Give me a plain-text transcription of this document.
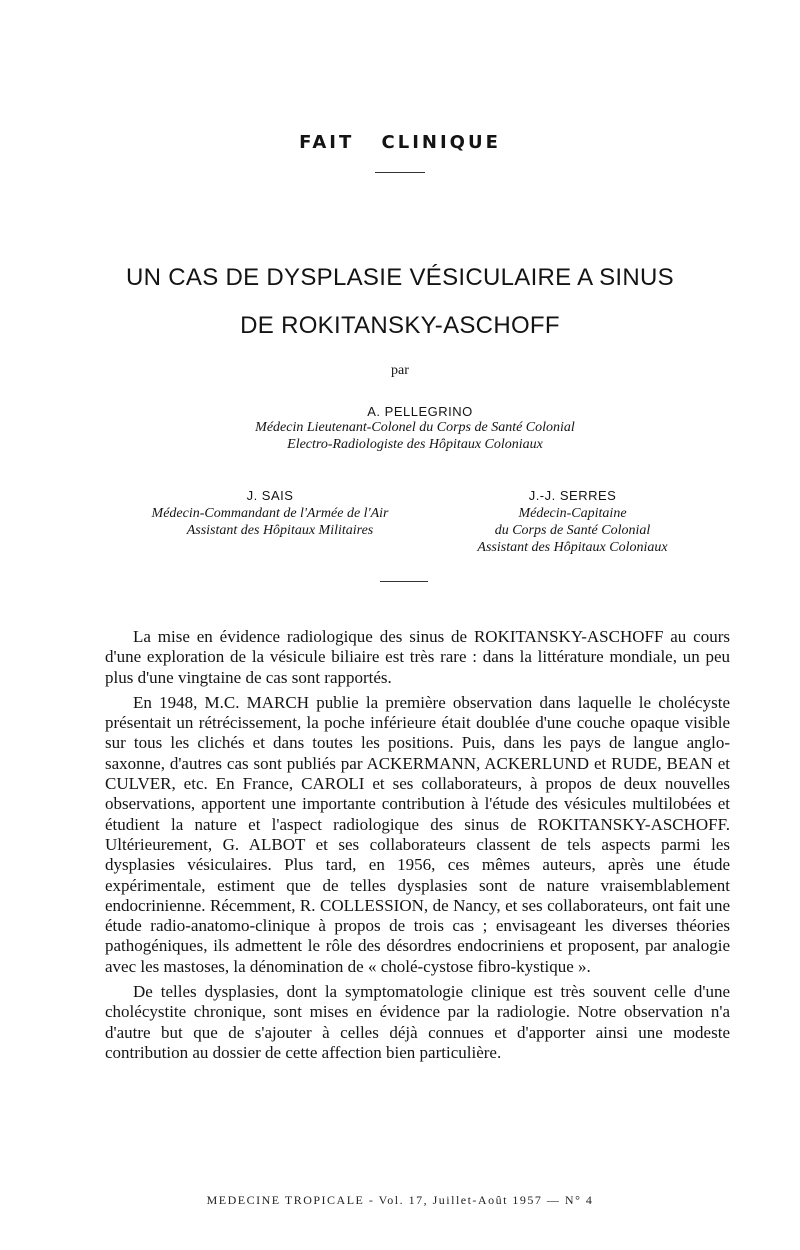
FAIT CLINIQUE
UN CAS DE DYSPLASIE VÉSICULAIRE A SINUS
DE ROKITANSKY-ASCHOFF
par
A. PELLEGRINO
Médecin Lieutenant-Colonel du Corps de Santé Colonial
Electro-Radiologiste des Hôpitaux Coloniaux
J. SAIS
Médecin-Commandant de l'Armée de l'Air
Assistant des Hôpitaux Militaires
J.-J. SERRES
Médecin-Capitaine
du Corps de Santé Colonial
Assistant des Hôpitaux Coloniaux

La mise en évidence radiologique des sinus de ROKITANSKY-ASCHOFF au cours d'une exploration de la vésicule biliaire est très rare : dans la littérature mondiale, un peu plus d'une vingtaine de cas sont rapportés.

En 1948, M.C. MARCH publie la première observation dans laquelle le cholécyste présentait un rétrécissement, la poche inférieure était doublée d'une couche opaque visible sur tous les clichés et dans toutes les positions. Puis, dans les pays de langue anglo-saxonne, d'autres cas sont publiés par ACKERMANN, ACKERLUND et RUDE, BEAN et CULVER, etc. En France, CAROLI et ses collaborateurs, à propos de deux nouvelles observations, apportent une importante contribution à l'étude des vésicules multilobées et étudient la nature et l'aspect radiologique des sinus de ROKITANSKY-ASCHOFF. Ultérieurement, G. ALBOT et ses collaborateurs classent de tels aspects parmi les dysplasies vésiculaires. Plus tard, en 1956, ces mêmes auteurs, après une étude expérimentale, estiment que de telles dysplasies sont de nature vraisemblablement endocrinienne. Récemment, R. COLLESSION, de Nancy, et ses collaborateurs, ont fait une étude radio-anatomo-clinique à propos de trois cas ; envisageant les diverses théories pathogéniques, ils admettent le rôle des désordres endocriniens et proposent, par analogie avec les mastoses, la dénomination de « cholé-cystose fibro-kystique ».

De telles dysplasies, dont la symptomatologie clinique est très souvent celle d'une cholécystite chronique, sont mises en évidence par la radiologie. Notre observation n'a d'autre but que de s'ajouter à celles déjà connues et d'apporter ainsi une modeste contribution au dossier de cette affection bien particulière.

MEDECINE TROPICALE - Vol. 17, Juillet-Août 1957 — N° 4
